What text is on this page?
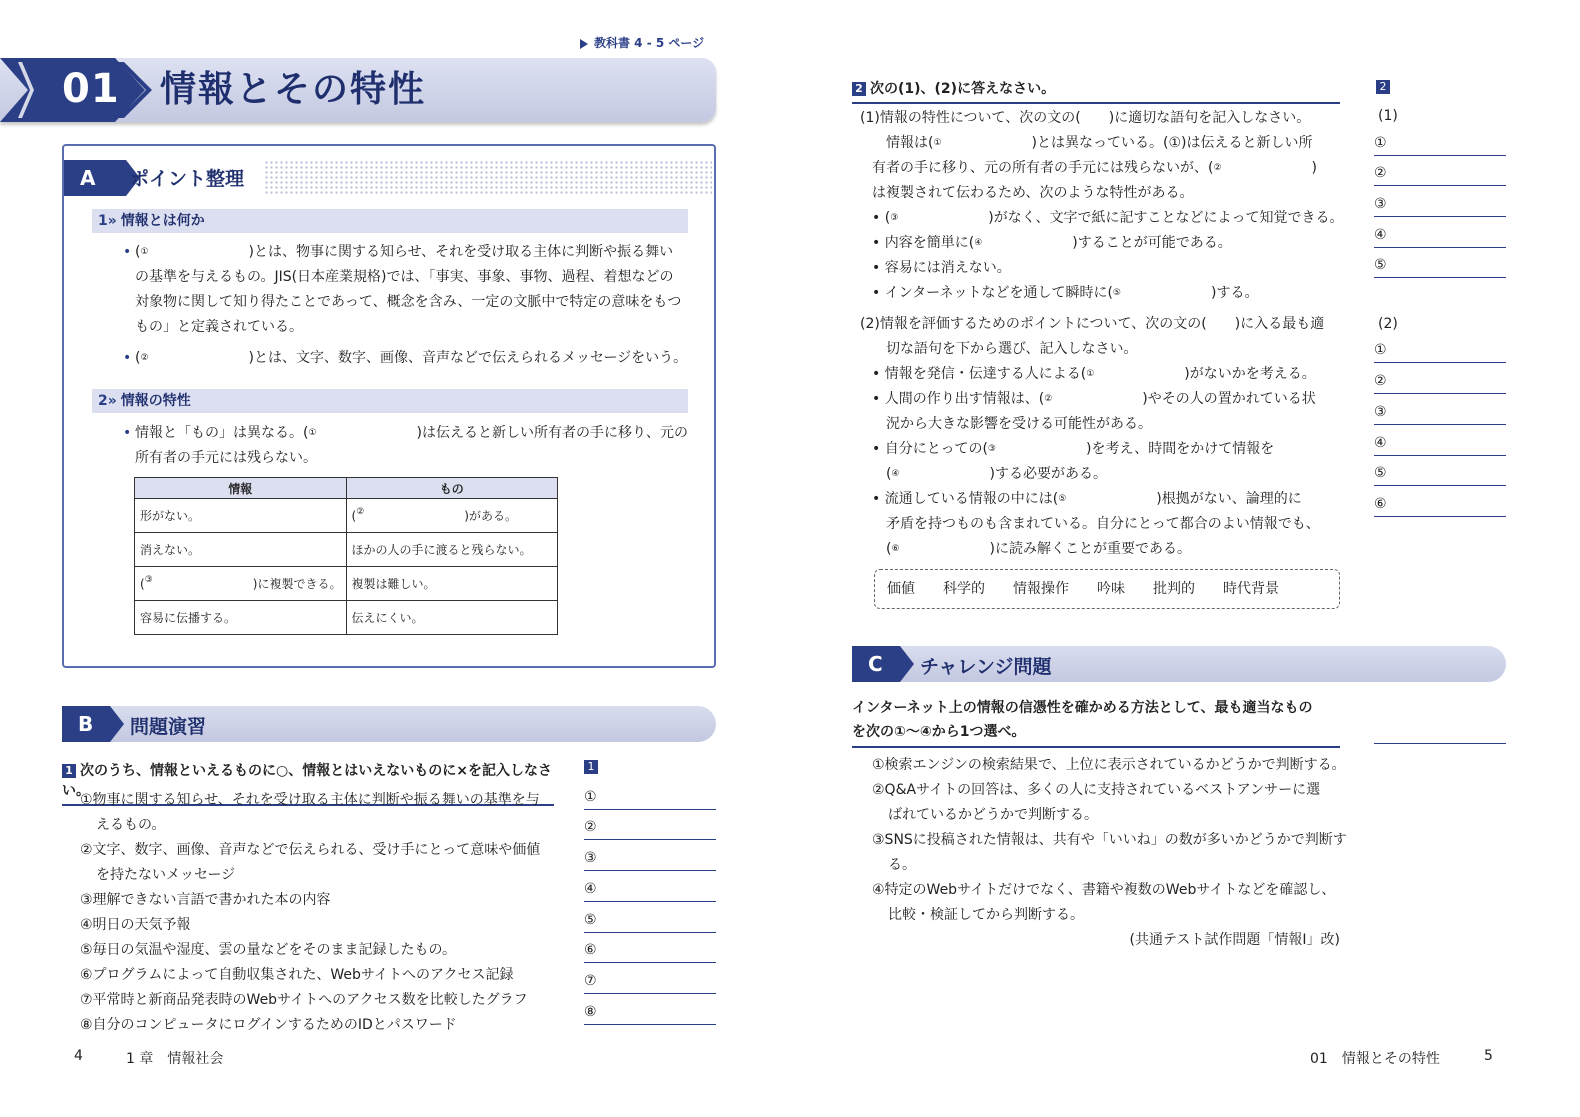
教科書 4 - 5 ページ
01 情報とその特性
A	ポイント整理
1» 情報とは何か
• (①	)とは、物事に関する知らせ、それを受け取る主体に判断や振る舞い
の基準を与えるもの。JIS(日本産業規格)では、「事実、事象、事物、過程、着想などの
対象物に関して知り得たことであって、概念を含み、一定の文脈中で特定の意味をもつ
もの」と定義されている。
• (②	)とは、文字、数字、画像、音声などで伝えられるメッセージをいう。
2» 情報の特性
• 情報と「もの」は異なる。(①	)は伝えると新しい所有者の手に移り、元の
所有者の手元には残らない。
情報	もの
形がない。	(② )がある。
消えない。	ほかの人の手に渡ると残らない。
(③ )に複製できる。	複製は難しい。
容易に伝播する。	伝えにくい。
B	問題演習
1 次のうち、情報といえるものに○、情報とはいえないものに×を記入しなさい。
①物事に関する知らせ、それを受け取る主体に判断や振る舞いの基準を与
えるもの。
②文字、数字、画像、音声などで伝えられる、受け手にとって意味や価値
を持たないメッセージ
③理解できない言語で書かれた本の内容
④明日の天気予報
⑤毎日の気温や湿度、雲の量などをそのまま記録したもの。
⑥プログラムによって自動収集された、Webサイトへのアクセス記録
⑦平常時と新商品発表時のWebサイトへのアクセス数を比較したグラフ
⑧自分のコンピュータにログインするためのIDとパスワード
1
①
②
③
④
⑤
⑥
⑦
⑧
4	1 章　情報社会
2 次の(1)、(2)に答えなさい。
(1)情報の特性について、次の文の(　　)に適切な語句を記入しなさい。
情報は(①	)とは異なっている。(①)は伝えると新しい所
有者の手に移り、元の所有者の手元には残らないが、(②	)
は複製されて伝わるため、次のような特性がある。
• (③	)がなく、文字で紙に記すことなどによって知覚できる。
• 内容を簡単に(④	)することが可能である。
• 容易には消えない。
• インターネットなどを通して瞬時に(⑤	)する。
(2)情報を評価するためのポイントについて、次の文の(　　)に入る最も適
切な語句を下から選び、記入しなさい。
• 情報を発信・伝達する人による(①	)がないかを考える。
• 人間の作り出す情報は、(②	)やその人の置かれている状
況から大きな影響を受ける可能性がある。
• 自分にとっての(③	)を考え、時間をかけて情報を
(④	)する必要がある。
• 流通している情報の中には(⑤	)根拠がない、論理的に
矛盾を持つものも含まれている。自分にとって都合のよい情報でも、
(⑥	)に読み解くことが重要である。
価値 科学的 情報操作 吟味 批判的 時代背景
2
(1)
①
②
③
④
⑤
(2)
①
②
③
④
⑤
⑥
C	チャレンジ問題
インターネット上の情報の信憑性を確かめる方法として、最も適当なもの
を次の①～④から1つ選べ。
①検索エンジンの検索結果で、上位に表示されているかどうかで判断する。
②Q&Aサイトの回答は、多くの人に支持されているベストアンサーに選
ばれているかどうかで判断する。
③SNSに投稿された情報は、共有や「いいね」の数が多いかどうかで判断す
る。
④特定のWebサイトだけでなく、書籍や複数のWebサイトなどを確認し、
比較・検証してから判断する。
(共通テスト試作問題「情報Ⅰ」改)
01　情報とその特性	5
